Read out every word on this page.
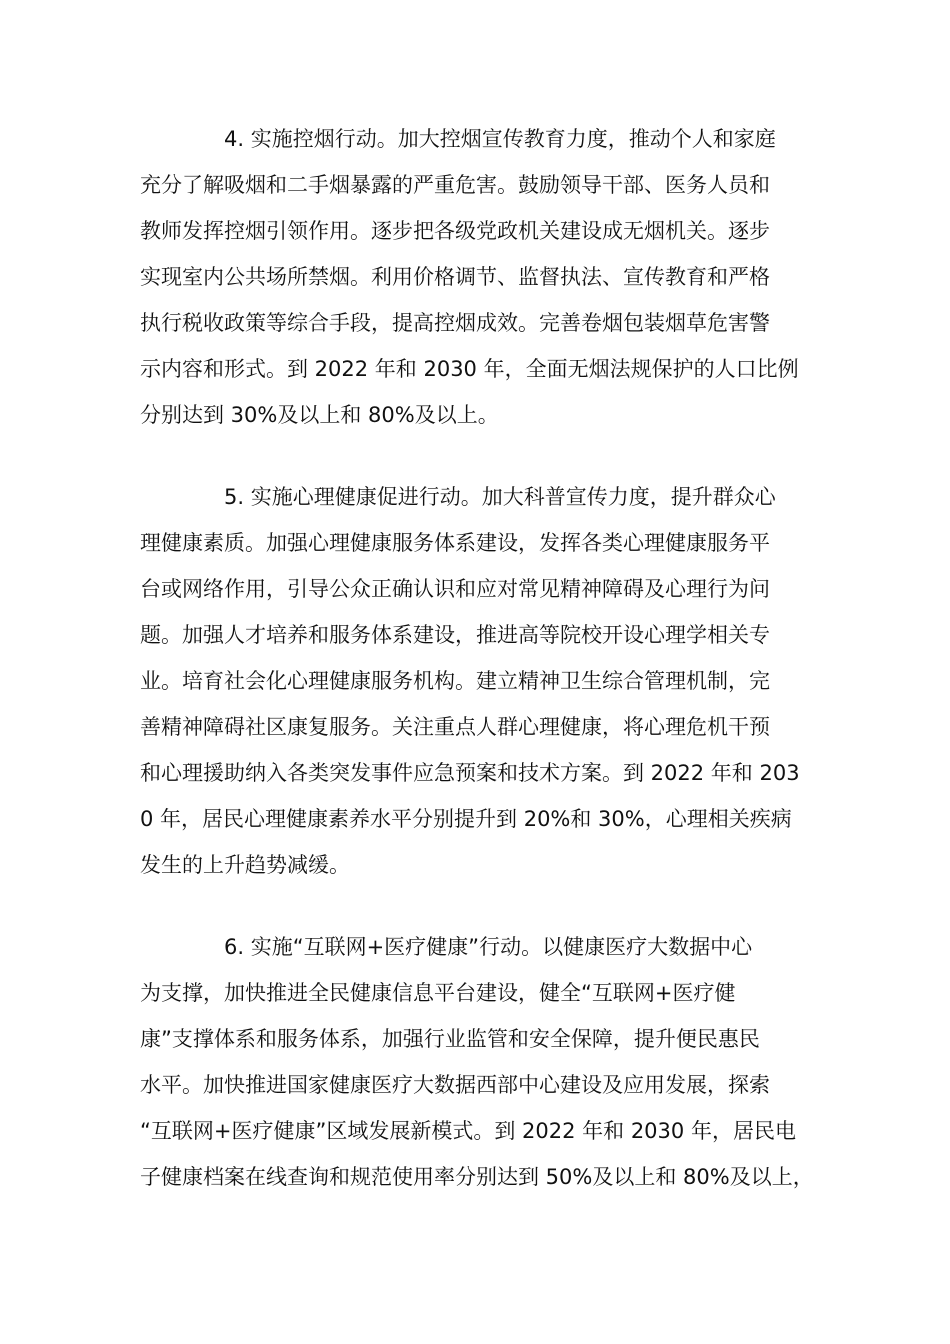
4. 实施控烟行动。加大控烟宣传教育力度，推动个人和家庭
充分了解吸烟和二手烟暴露的严重危害。鼓励领导干部、医务人员和
教师发挥控烟引领作用。逐步把各级党政机关建设成无烟机关。逐步
实现室内公共场所禁烟。利用价格调节、监督执法、宣传教育和严格
执行税收政策等综合手段，提高控烟成效。完善卷烟包装烟草危害警
示内容和形式。到 2022 年和 2030 年，全面无烟法规保护的人口比例
分别达到 30%及以上和 80%及以上。
5. 实施心理健康促进行动。加大科普宣传力度，提升群众心
理健康素质。加强心理健康服务体系建设，发挥各类心理健康服务平
台或网络作用，引导公众正确认识和应对常见精神障碍及心理行为问
题。加强人才培养和服务体系建设，推进高等院校开设心理学相关专
业。培育社会化心理健康服务机构。建立精神卫生综合管理机制，完
善精神障碍社区康复服务。关注重点人群心理健康，将心理危机干预
和心理援助纳入各类突发事件应急预案和技术方案。到 2022 年和 203
0 年，居民心理健康素养水平分别提升到 20%和 30%，心理相关疾病
发生的上升趋势减缓。
6. 实施“互联网+医疗健康”行动。以健康医疗大数据中心
为支撑，加快推进全民健康信息平台建设，健全“互联网+医疗健
康”支撑体系和服务体系，加强行业监管和安全保障，提升便民惠民
水平。加快推进国家健康医疗大数据西部中心建设及应用发展，探索
“互联网+医疗健康”区域发展新模式。到 2022 年和 2030 年，居民电
子健康档案在线查询和规范使用率分别达到 50%及以上和 80%及以上，
